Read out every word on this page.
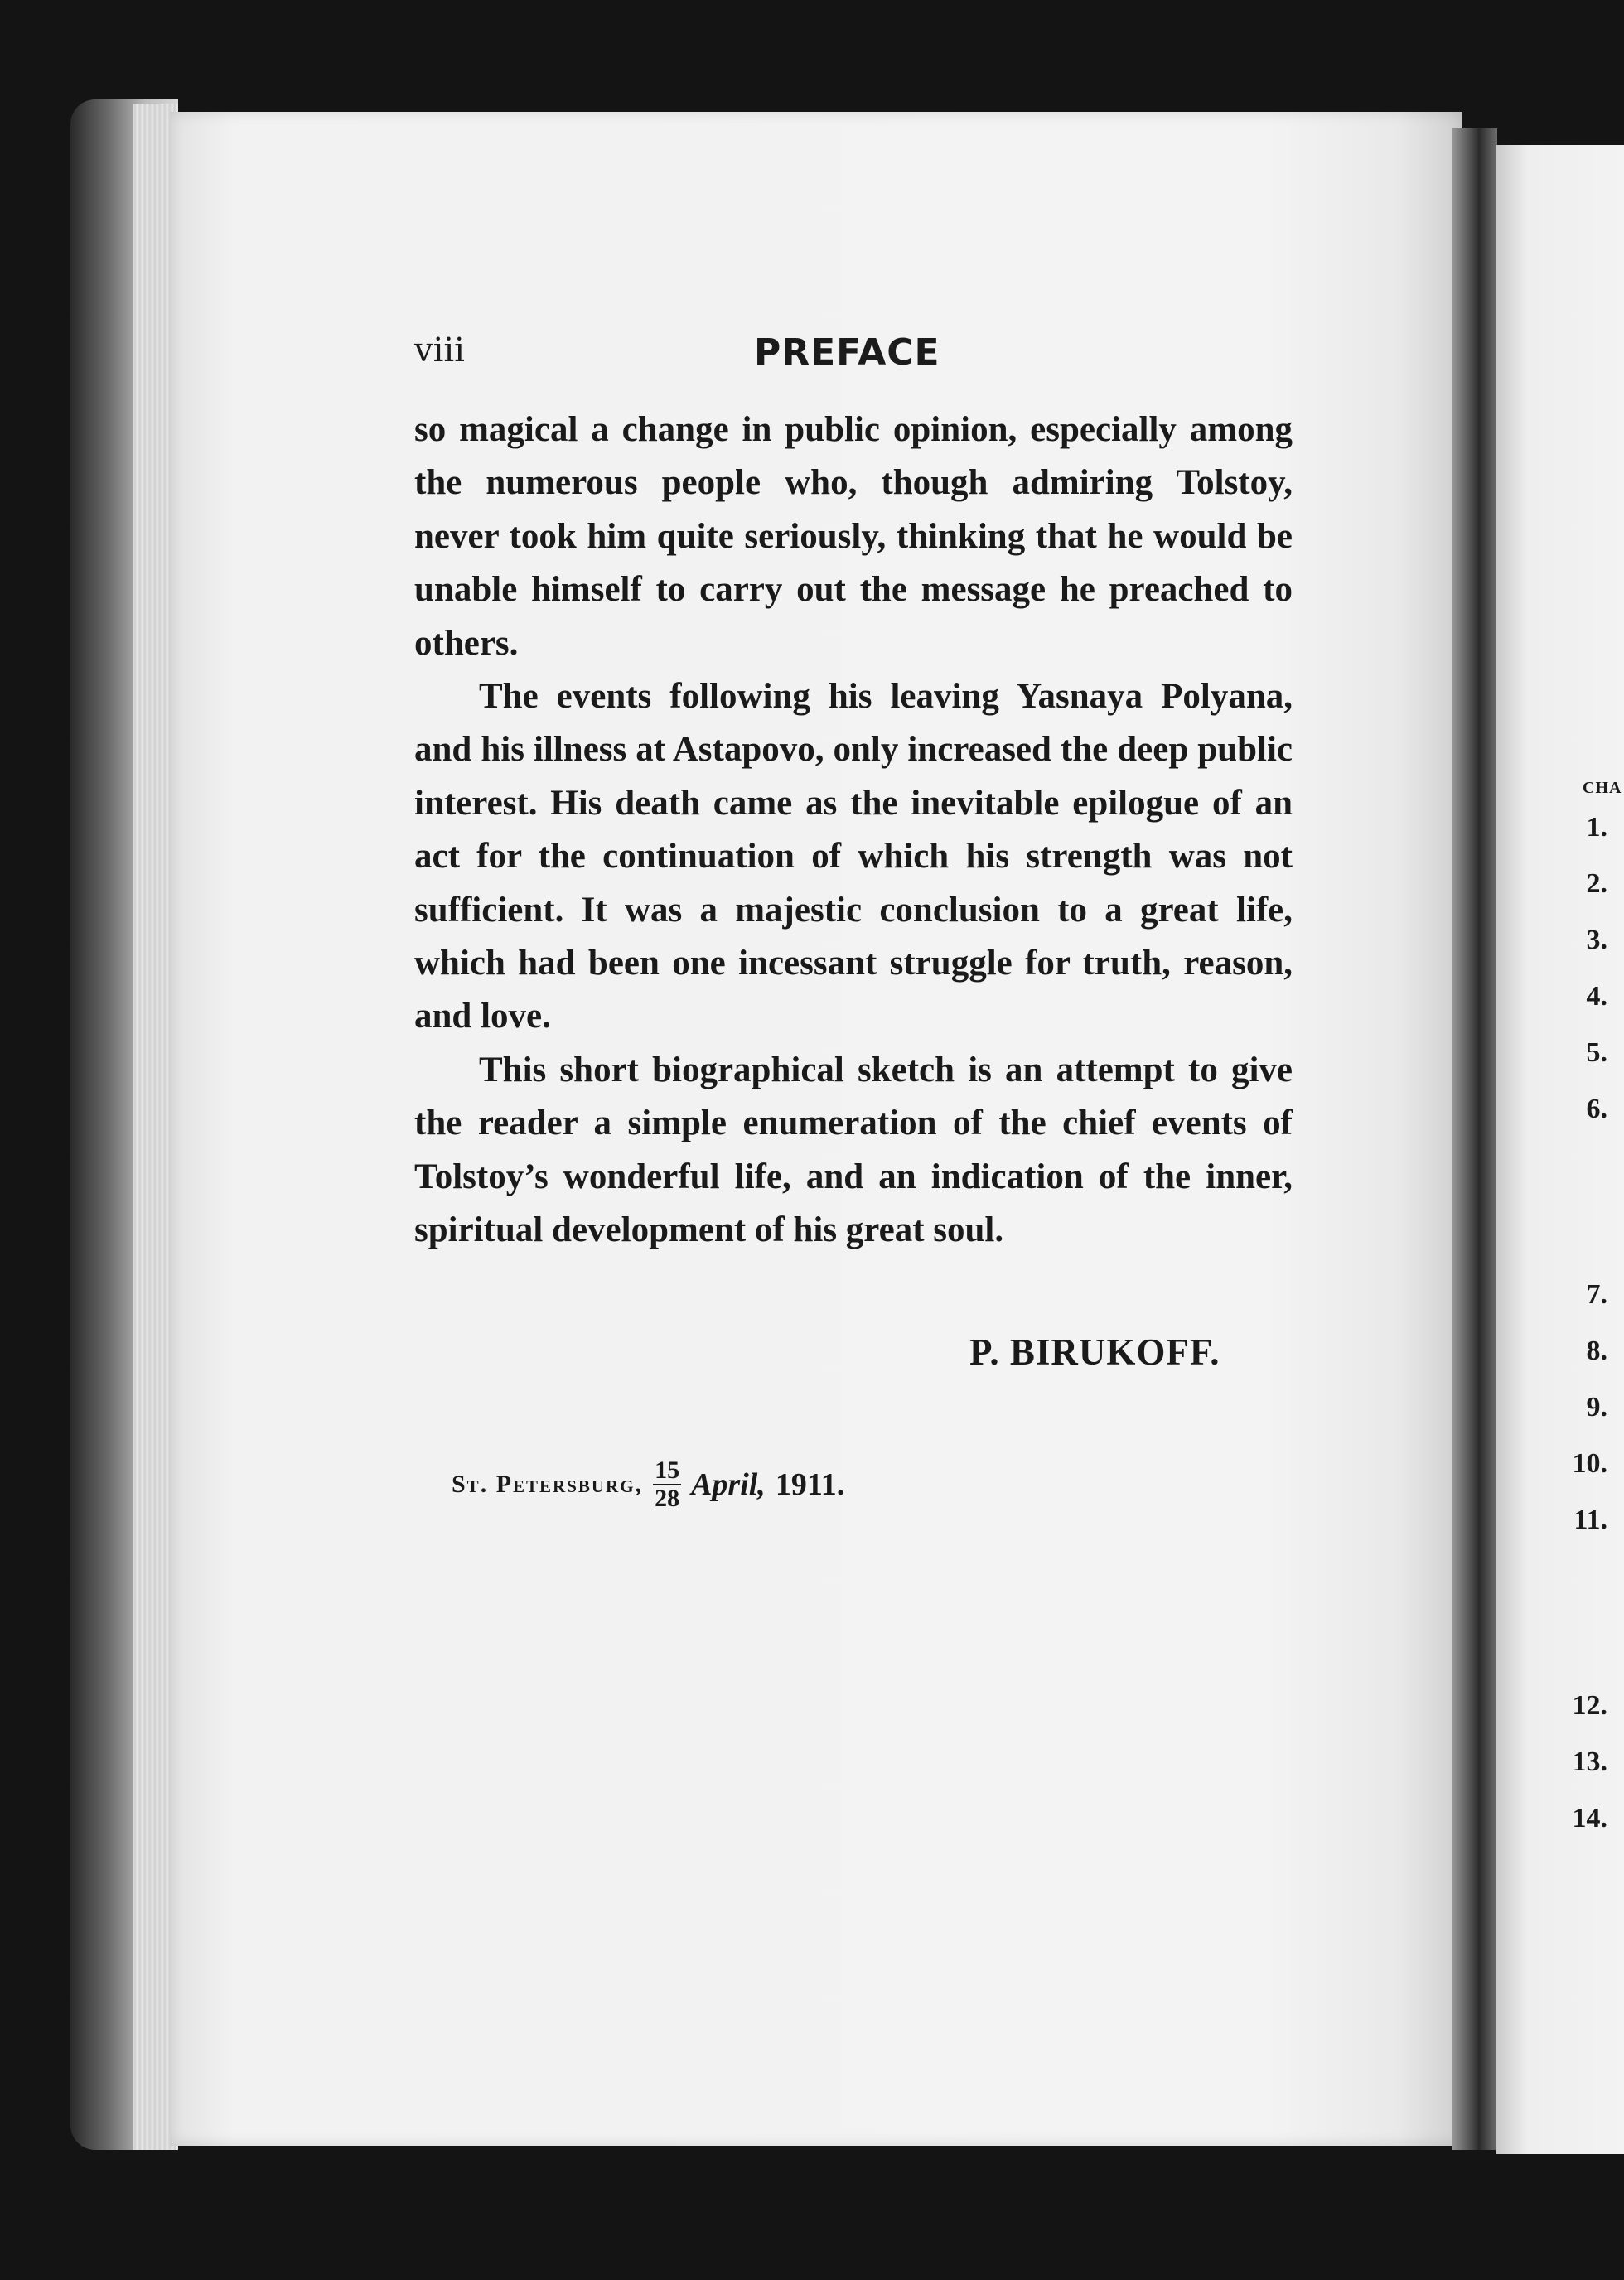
viii	PREFACE

so magical a change in public opinion, especially among the numerous people who, though admiring Tolstoy, never took him quite seriously, thinking that he would be unable himself to carry out the message he preached to others.

The events following his leaving Yasnaya Polyana, and his illness at Astapovo, only increased the deep public interest. His death came as the inevitable epilogue of an act for the continuation of which his strength was not sufficient. It was a majestic conclusion to a great life, which had been one incessant struggle for truth, reason, and love.

This short biographical sketch is an attempt to give the reader a simple enumeration of the chief events of Tolstoy’s wonderful life, and an indication of the inner, spiritual development of his great soul.

P. BIRUKOFF.
St. Petersburg,
15
28 April, 1911.
CHA
1.
2.
3.
4.
5.
6.
7.
8.
9.
10.
11.
12.
13.
14.
